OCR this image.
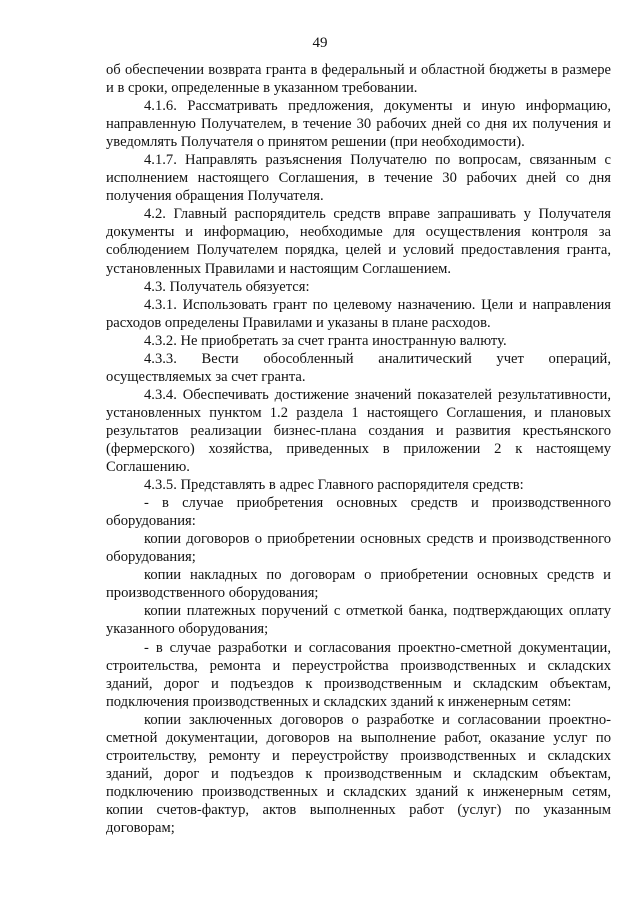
49

об обеспечении возврата гранта в федеральный и областной бюджеты в размере и в сроки, определенные в указанном требовании.

4.1.6. Рассматривать предложения, документы и иную информацию, направленную Получателем, в течение 30 рабочих дней со дня их получения и уведомлять Получателя о принятом решении (при необходимости).

4.1.7. Направлять разъяснения Получателю по вопросам, связанным с исполнением настоящего Соглашения, в течение 30 рабочих дней со дня получения обращения Получателя.

4.2. Главный распорядитель средств вправе запрашивать у Получателя документы и информацию, необходимые для осуществления контроля за соблюдением Получателем порядка, целей и условий предоставления гранта, установленных Правилами и настоящим Соглашением.

4.3. Получатель обязуется:

4.3.1. Использовать грант по целевому назначению. Цели и направления расходов определены Правилами и указаны в плане расходов.

4.3.2. Не приобретать за счет гранта иностранную валюту.

4.3.3. Вести обособленный аналитический учет операций, осуществляемых за счет гранта.

4.3.4. Обеспечивать достижение значений показателей результативности, установленных пунктом 1.2 раздела 1 настоящего Соглашения, и плановых результатов реализации бизнес-плана создания и развития крестьянского (фермерского) хозяйства, приведенных в приложении 2 к настоящему Соглашению.

4.3.5. Представлять в адрес Главного распорядителя средств:

- в случае приобретения основных средств и производственного оборудования:

копии договоров о приобретении основных средств и производственного оборудования;

копии накладных по договорам о приобретении основных средств и производственного оборудования;

копии платежных поручений с отметкой банка, подтверждающих оплату указанного оборудования;

- в случае разработки и согласования проектно-сметной документации, строительства, ремонта и переустройства производственных и складских зданий, дорог и подъездов к производственным и складским объектам, подключения производственных и складских зданий к инженерным сетям:

копии заключенных договоров о разработке и согласовании проектно-сметной документации, договоров на выполнение работ, оказание услуг по строительству, ремонту и переустройству производственных и складских зданий, дорог и подъездов к производственным и складским объектам, подключению производственных и складских зданий к инженерным сетям, копии счетов-фактур, актов выполненных работ (услуг) по указанным договорам;
